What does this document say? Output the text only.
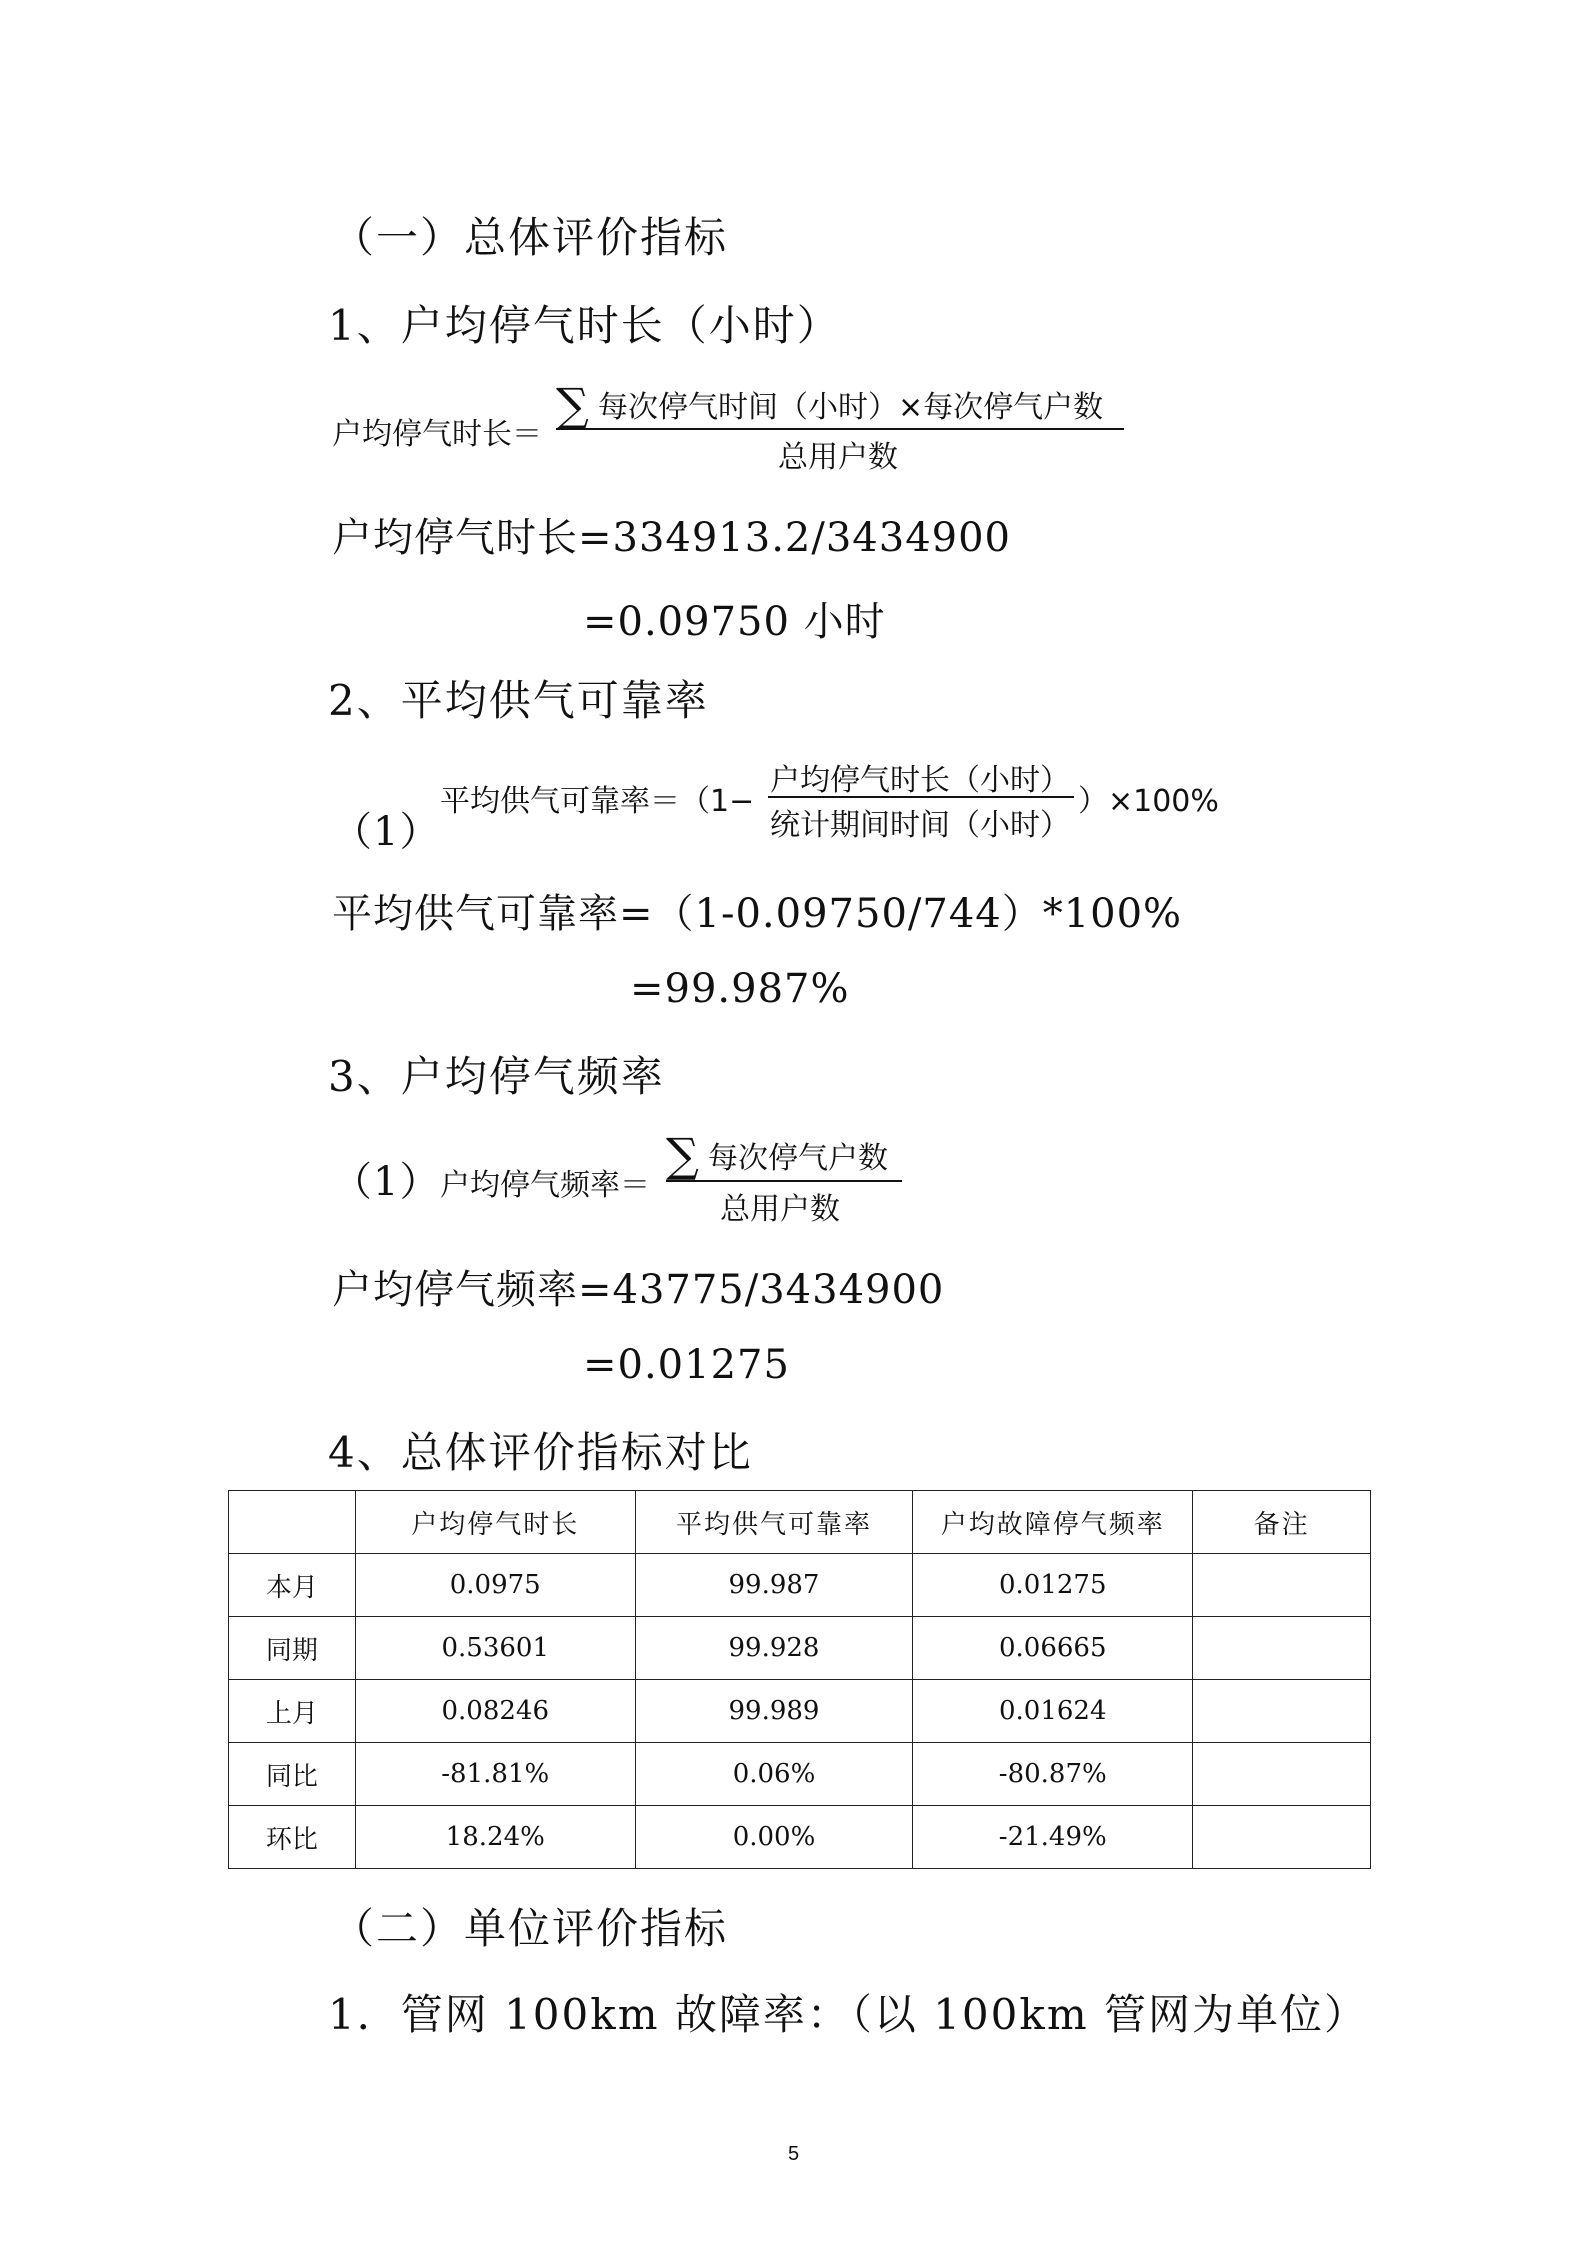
（一）总体评价指标
1、户均停气时长（小时）
户均停气时长＝
∑ 每次停气时间（小时）×每次停气户数
总用户数
户均停气时长=334913.2/3434900
=0.09750 小时
2、平均供气可靠率
（1）
平均供气可靠率＝（1−
户均停气时长（小时）
统计期间时间（小时）
）×100%
平均供气可靠率=（1-0.09750/744）*100%
=99.987%
3、户均停气频率
（1） 户均停气频率＝
∑ 每次停气户数
总用户数
户均停气频率=43775/3434900
=0.01275
4、总体评价指标对比
	户均停气时长	平均供气可靠率	户均故障停气频率	备注
本月	0.0975	99.987	0.01275	
同期	0.53601	99.928	0.06665	
上月	0.08246	99.989	0.01624	
同比	-81.81%	0.06%	-80.87%	
环比	18.24%	0.00%	-21.49%	
（二）单位评价指标
1．管网 100km 故障率：（以 100km 管网为单位）
5
